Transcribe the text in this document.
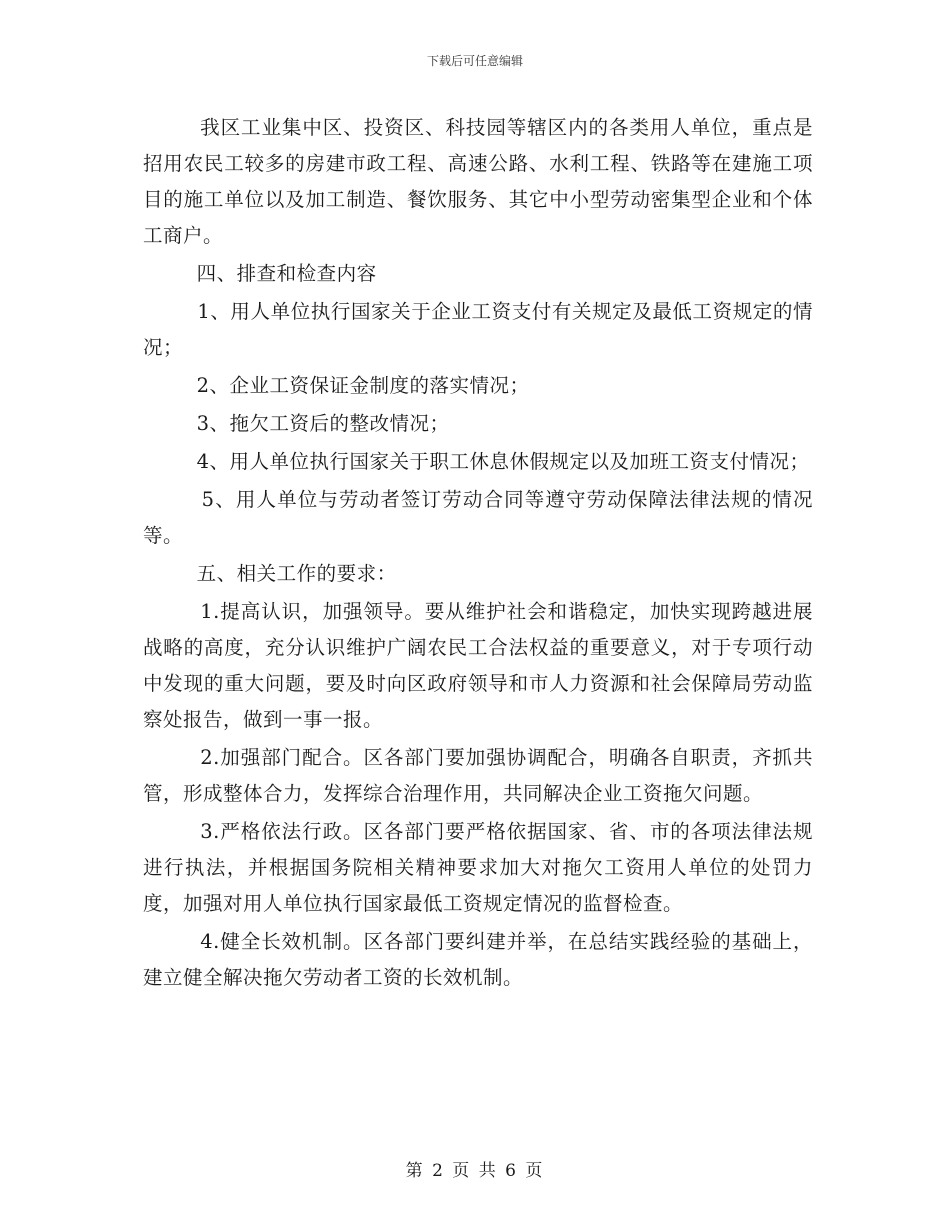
下载后可任意编辑

我区工业集中区、投资区、科技园等辖区内的各类用人单位，重点是招用农民工较多的房建市政工程、高速公路、水利工程、铁路等在建施工项目的施工单位以及加工制造、餐饮服务、其它中小型劳动密集型企业和个体工商户。

四、排查和检查内容

1、用人单位执行国家关于企业工资支付有关规定及最低工资规定的情况；

2、企业工资保证金制度的落实情况；

3、拖欠工资后的整改情况；

4、用人单位执行国家关于职工休息休假规定以及加班工资支付情况；

5、用人单位与劳动者签订劳动合同等遵守劳动保障法律法规的情况等。

五、相关工作的要求：

1.提高认识，加强领导。要从维护社会和谐稳定，加快实现跨越进展战略的高度，充分认识维护广阔农民工合法权益的重要意义，对于专项行动中发现的重大问题，要及时向区政府领导和市人力资源和社会保障局劳动监察处报告，做到一事一报。

2.加强部门配合。区各部门要加强协调配合，明确各自职责，齐抓共管，形成整体合力，发挥综合治理作用，共同解决企业工资拖欠问题。

3.严格依法行政。区各部门要严格依据国家、省、市的各项法律法规进行执法，并根据国务院相关精神要求加大对拖欠工资用人单位的处罚力度，加强对用人单位执行国家最低工资规定情况的监督检查。

4.健全长效机制。区各部门要纠建并举，在总结实践经验的基础上，建立健全解决拖欠劳动者工资的长效机制。

第 2 页 共 6 页
